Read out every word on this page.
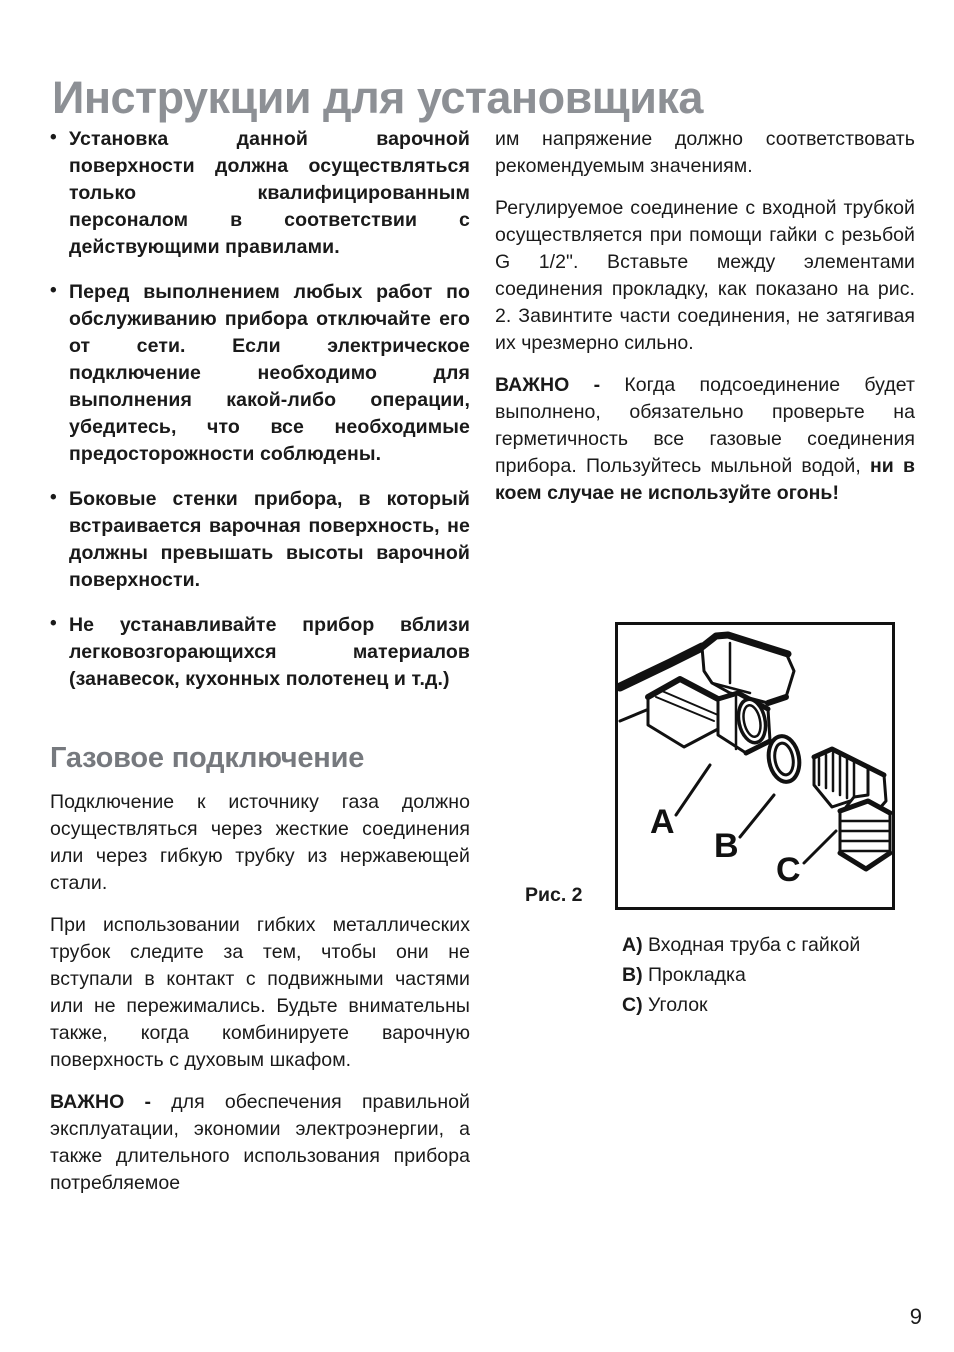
Инструкции для установщика
• Установка данной варочной поверхности должна осуществляться только квалифицированным персоналом в соответствии с действующими правилами.
• Перед выполнением любых работ по обслуживанию прибора отключайте его от сети. Если электрическое подключение необходимо для выполнения какой-либо операции, убедитесь, что все необходимые предосторожности соблюдены.
• Боковые стенки прибора, в который встраивается варочная поверхность, не должны превышать высоты варочной поверхности.
• Не устанавливайте прибор вблизи легковозгорающихся материалов (занавесок, кухонных полотенец и т.д.)
Газовое подключение

Подключение к источнику газа должно осуществляться через жесткие соединения или через гибкую трубку из нержавеющей стали.

При использовании гибких металлических трубок следите за тем, чтобы они не вступали в контакт с подвижными частями или не пережимались. Будьте внимательны также, когда комбинируете варочную поверхность с духовым шкафом.

ВАЖНО - для обеспечения правильной эксплуатации, экономии электроэнергии, а также длительного использования прибора потребляемое

им напряжение должно соответствовать рекомендуемым значениям.

Регулируемое соединение с входной трубкой осуществляется при помощи гайки с резьбой G 1/2". Вставьте между элементами соединения прокладку, как показано на рис. 2. Завинтите части соединения, не затягивая их чрезмерно сильно.

ВАЖНО - Когда подсоединение будет выполнено, обязательно проверьте на герметичность все газовые соединения прибора. Пользуйтесь мыльной водой, ни в коем случае не используйте огонь!

Рис. 2
A
B
C
A) Входная труба с гайкой
B) Прокладка
C) Уголок
9
